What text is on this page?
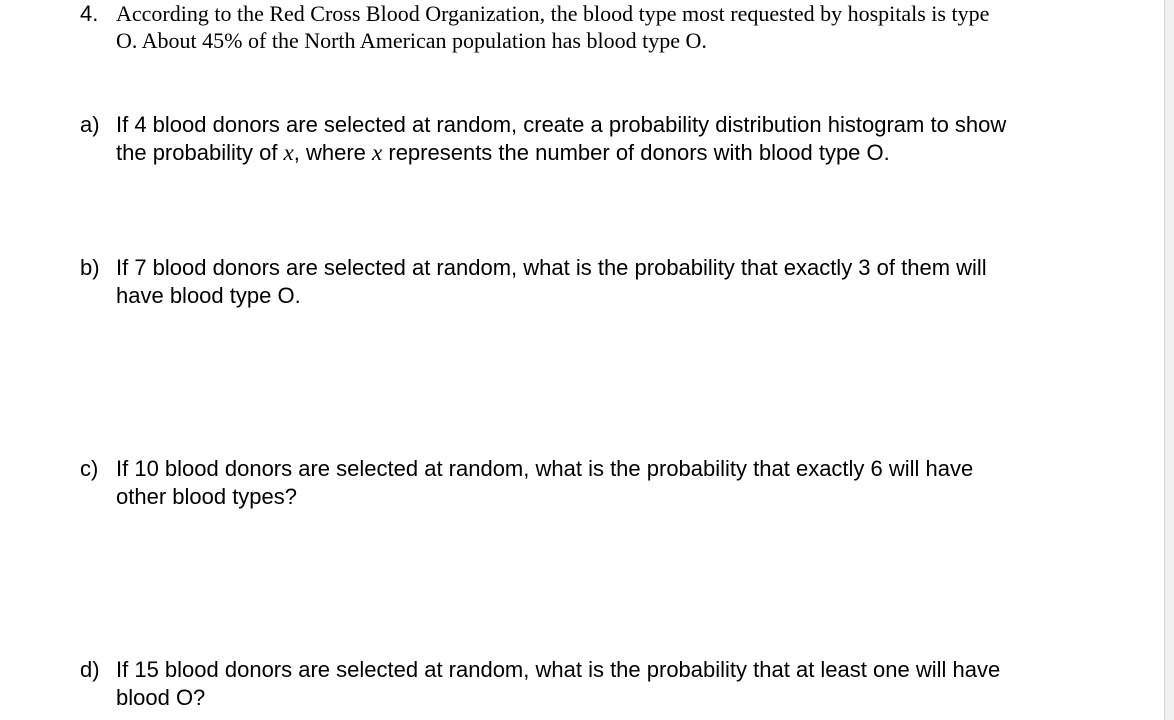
4. According to the Red Cross Blood Organization, the blood type most requested by hospitals is type
O. About 45% of the North American population has blood type O.
a) If 4 blood donors are selected at random, create a probability distribution histogram to show
the probability of x, where x represents the number of donors with blood type O.
b) If 7 blood donors are selected at random, what is the probability that exactly 3 of them will
have blood type O.
c) If 10 blood donors are selected at random, what is the probability that exactly 6 will have
other blood types?
d) If 15 blood donors are selected at random, what is the probability that at least one will have
blood O?
